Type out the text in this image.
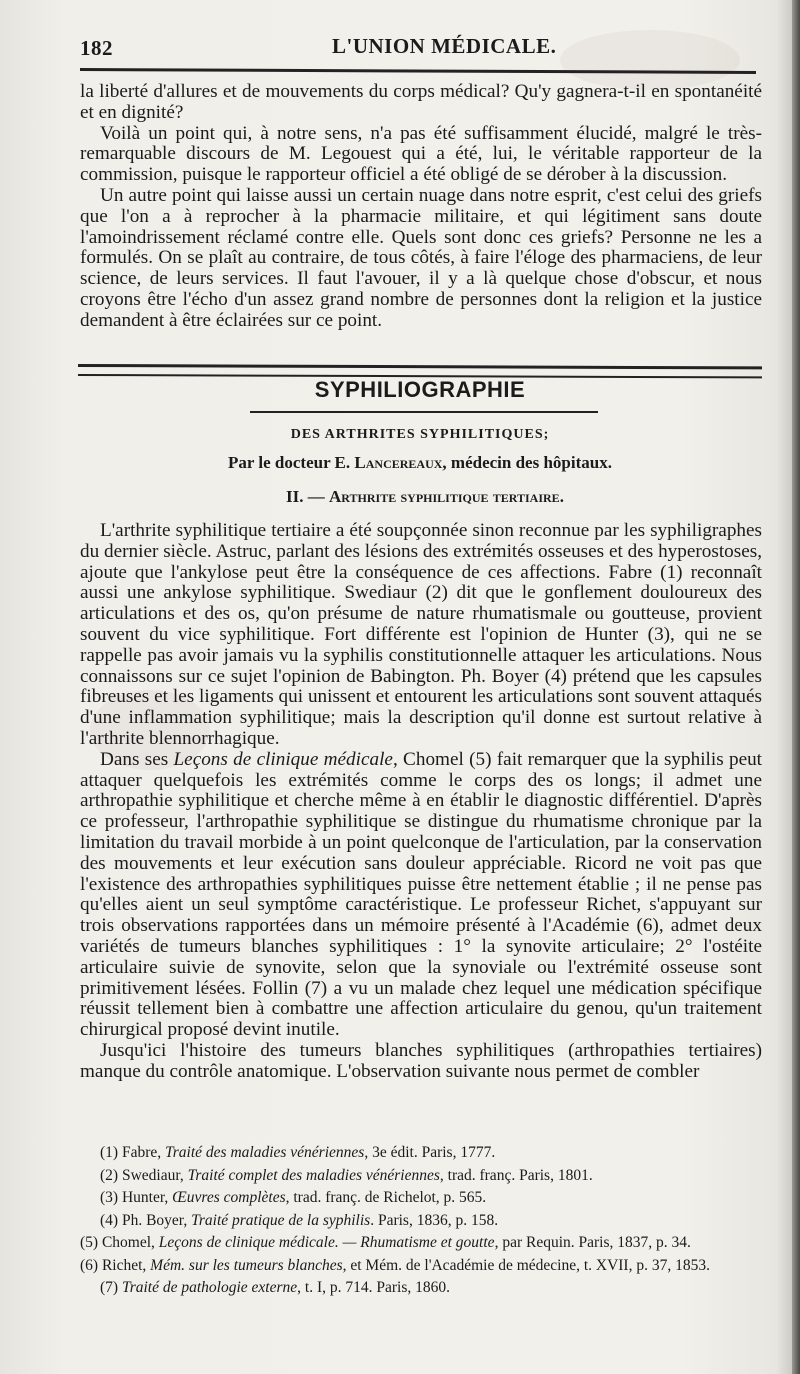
182	L'UNION MÉDICALE.

la liberté d'allures et de mouvements du corps médical? Qu'y gagnera-t-il en spontanéité et en dignité?

Voilà un point qui, à notre sens, n'a pas été suffisamment élucidé, malgré le très-remarquable discours de M. Legouest qui a été, lui, le véritable rapporteur de la commission, puisque le rapporteur officiel a été obligé de se dérober à la discussion.

Un autre point qui laisse aussi un certain nuage dans notre esprit, c'est celui des griefs que l'on a à reprocher à la pharmacie militaire, et qui légitiment sans doute l'amoindrissement réclamé contre elle. Quels sont donc ces griefs? Personne ne les a formulés. On se plaît au contraire, de tous côtés, à faire l'éloge des pharmaciens, de leur science, de leurs services. Il faut l'avouer, il y a là quelque chose d'obscur, et nous croyons être l'écho d'un assez grand nombre de personnes dont la religion et la justice demandent à être éclairées sur ce point.

SYPHILIOGRAPHIE
DES ARTHRITES SYPHILITIQUES;
Par le docteur E. Lancereaux, médecin des hôpitaux.
II. — Arthrite syphilitique tertiaire.

L'arthrite syphilitique tertiaire a été soupçonnée sinon reconnue par les syphiligraphes du dernier siècle. Astruc, parlant des lésions des extrémités osseuses et des hyperostoses, ajoute que l'ankylose peut être la conséquence de ces affections. Fabre (1) reconnaît aussi une ankylose syphilitique. Swediaur (2) dit que le gonflement douloureux des articulations et des os, qu'on présume de nature rhumatismale ou goutteuse, provient souvent du vice syphilitique. Fort différente est l'opinion de Hunter (3), qui ne se rappelle pas avoir jamais vu la syphilis constitutionnelle attaquer les articulations. Nous connaissons sur ce sujet l'opinion de Babington. Ph. Boyer (4) prétend que les capsules fibreuses et les ligaments qui unissent et entourent les articulations sont souvent attaqués d'une inflammation syphilitique; mais la description qu'il donne est surtout relative à l'arthrite blennorrhagique.

Dans ses Leçons de clinique médicale, Chomel (5) fait remarquer que la syphilis peut attaquer quelquefois les extrémités comme le corps des os longs; il admet une arthropathie syphilitique et cherche même à en établir le diagnostic différentiel. D'après ce professeur, l'arthropathie syphilitique se distingue du rhumatisme chronique par la limitation du travail morbide à un point quelconque de l'articulation, par la conservation des mouvements et leur exécution sans douleur appréciable. Ricord ne voit pas que l'existence des arthropathies syphilitiques puisse être nettement établie ; il ne pense pas qu'elles aient un seul symptôme caractéristique. Le professeur Richet, s'appuyant sur trois observations rapportées dans un mémoire présenté à l'Académie (6), admet deux variétés de tumeurs blanches syphilitiques : 1° la synovite articulaire; 2° l'ostéite articulaire suivie de synovite, selon que la synoviale ou l'extrémité osseuse sont primitivement lésées. Follin (7) a vu un malade chez lequel une médication spécifique réussit tellement bien à combattre une affection articulaire du genou, qu'un traitement chirurgical proposé devint inutile.

Jusqu'ici l'histoire des tumeurs blanches syphilitiques (arthropathies tertiaires) manque du contrôle anatomique. L'observation suivante nous permet de combler

(1) Fabre, Traité des maladies vénériennes, 3e édit. Paris, 1777.
(2) Swediaur, Traité complet des maladies vénériennes, trad. franç. Paris, 1801.
(3) Hunter, Œuvres complètes, trad. franç. de Richelot, p. 565.
(4) Ph. Boyer, Traité pratique de la syphilis. Paris, 1836, p. 158.
(5) Chomel, Leçons de clinique médicale. — Rhumatisme et goutte, par Requin. Paris, 1837, p. 34.
(6) Richet, Mém. sur les tumeurs blanches, et Mém. de l'Académie de médecine, t. XVII, p. 37, 1853.
(7) Traité de pathologie externe, t. I, p. 714. Paris, 1860.
